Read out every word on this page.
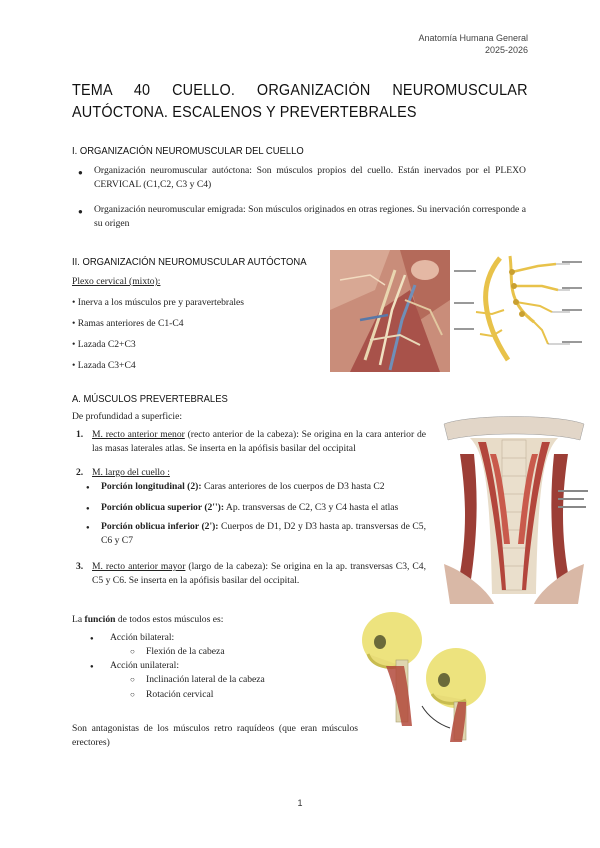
Anatomía Humana General
2025-2026
TEMA 40 CUELLO. ORGANIZACIÓN NEUROMUSCULAR AUTÓCTONA. ESCALENOS Y PREVERTEBRALES
I. ORGANIZACIÓN NEUROMUSCULAR DEL CUELLO
● Organización neuromuscular autóctona: Son músculos propios del cuello. Están inervados por el PLEXO CERVICAL (C1,C2, C3 y C4)
● Organización neuromuscular emigrada: Son músculos originados en otras regiones. Su inervación corresponde a su origen
II. ORGANIZACIÓN NEUROMUSCULAR AUTÓCTONA
Plexo cervical (mixto):
• Inerva a los músculos pre y paravertebrales
• Ramas anteriores de C1-C4
• Lazada C2+C3
• Lazada C3+C4
A. MÚSCULOS PREVERTEBRALES
De profundidad a superficie:
1. M. recto anterior menor (recto anterior de la cabeza): Se origina en la cara anterior de las masas laterales atlas. Se inserta en la apófisis basilar del occipital
2. M. largo del cuello :
● Porción longitudinal (2): Caras anteriores de los cuerpos de D3 hasta C2
● Porción oblicua superior (2''): Ap. transversas de C2, C3 y C4 hasta el atlas
● Porción oblicua inferior (2'): Cuerpos de D1, D2 y D3 hasta ap. transversas de C5, C6 y C7
3. M. recto anterior mayor (largo de la cabeza): Se origina en la ap. transversas C3, C4, C5 y C6. Se inserta en la apófisis basilar del occipital.
La función de todos estos músculos es:
● Acción bilateral:
○ Flexión de la cabeza
● Acción unilateral:
○ Inclinación lateral de la cabeza
○ Rotación cervical
Son antagonistas de los músculos retro raquídeos (que eran músculos erectores)
1
